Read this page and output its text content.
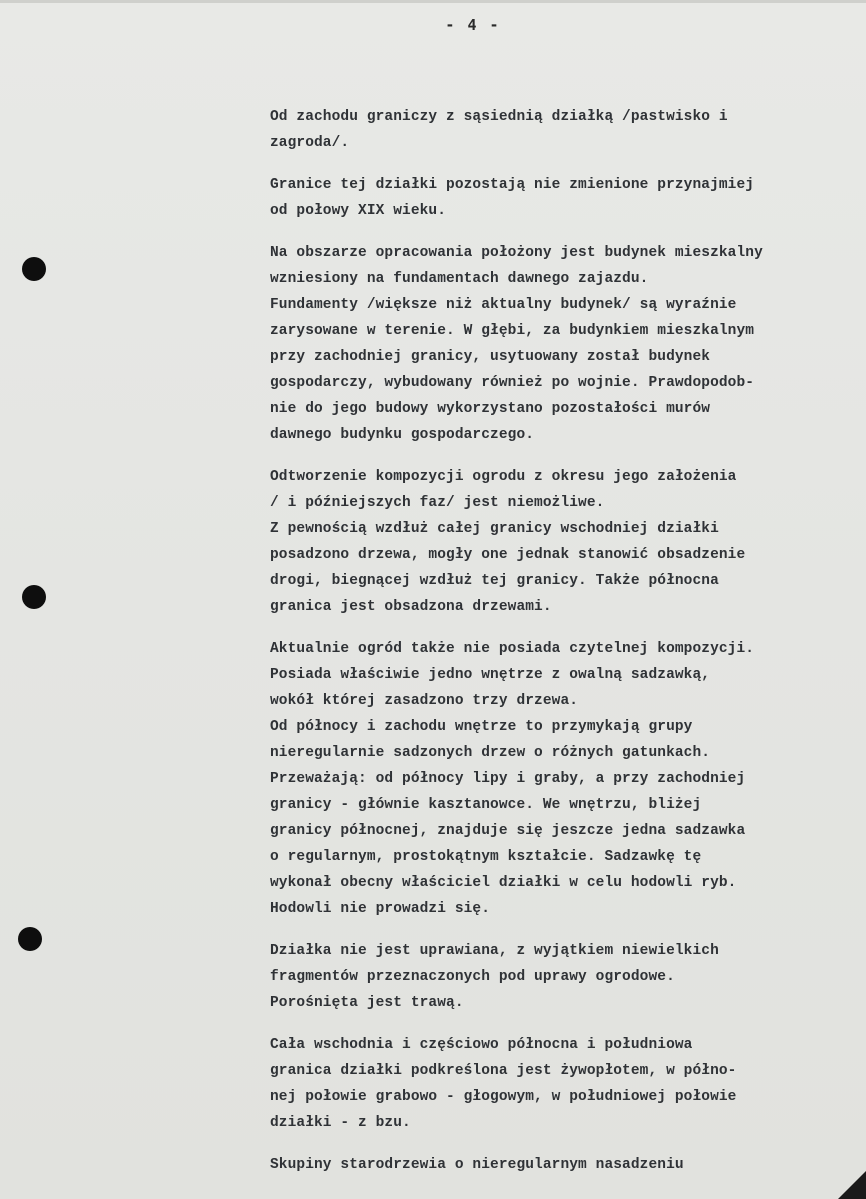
- 4 -
Od zachodu graniczy z sąsiednią działką /pastwisko i
zagroda/.
Granice tej działki pozostają nie zmienione przynajmiej
od połowy XIX wieku.
Na obszarze opracowania położony jest budynek mieszkalny
wzniesiony na fundamentach dawnego zajazdu.
Fundamenty /większe niż aktualny budynek/ są wyraźnie
zarysowane w terenie. W głębi, za budynkiem mieszkalnym
przy zachodniej granicy, usytuowany został budynek
gospodarczy, wybudowany również po wojnie. Prawdopodob-
nie do jego budowy wykorzystano pozostałości murów
dawnego budynku gospodarczego.
Odtworzenie kompozycji ogrodu z okresu jego założenia
/ i późniejszych faz/ jest niemożliwe.
Z pewnością wzdłuż całej granicy wschodniej działki
posadzono drzewa, mogły one jednak stanowić obsadzenie
drogi, biegnącej wzdłuż tej granicy. Także północna
granica jest obsadzona drzewami.
Aktualnie ogród także nie posiada czytelnej kompozycji.
Posiada właściwie jedno wnętrze z owalną sadzawką,
wokół której zasadzono trzy drzewa.
Od północy i zachodu wnętrze to przymykają grupy
nieregularnie sadzonych drzew o różnych gatunkach.
Przeważają: od północy lipy i graby, a przy zachodniej
granicy - głównie kasztanowce. We wnętrzu, bliżej
granicy północnej, znajduje się jeszcze jedna sadzawka
o regularnym, prostokątnym kształcie. Sadzawkę tę
wykonał obecny właściciel działki w celu hodowli ryb.
Hodowli nie prowadzi się.
Działka nie jest uprawiana, z wyjątkiem niewielkich
fragmentów przeznaczonych pod uprawy ogrodowe.
Porośnięta jest trawą.
Cała wschodnia i częściowo północna i południowa
granica działki podkreślona jest żywopłotem, w półno-
nej połowie grabowo - głogowym, w południowej połowie
działki - z bzu.
Skupiny starodrzewia o nieregularnym nasadzeniu
